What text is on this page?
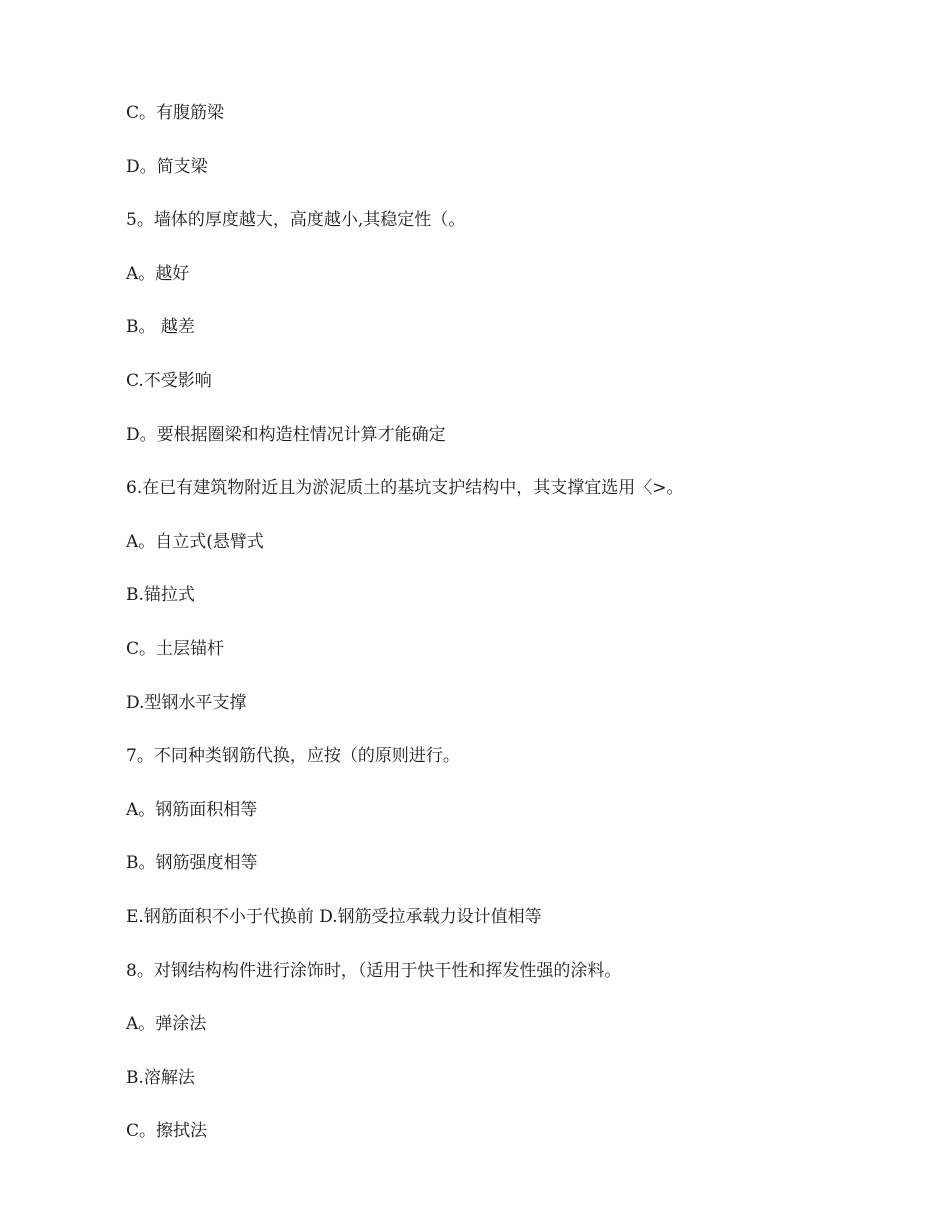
C。有腹筋梁
D。简支梁
5。墙体的厚度越大，高度越小,其稳定性（。
A。越好
B。 越差
C.不受影响
D。要根据圈梁和构造柱情况计算才能确定
6.在已有建筑物附近且为淤泥质土的基坑支护结构中，其支撑宜选用〈>。
A。自立式(悬臂式
B.锚拉式
C。土层锚杆
D.型钢水平支撑
7。不同种类钢筋代换，应按（的原则进行。
A。钢筋面积相等
B。钢筋强度相等
E.钢筋面积不小于代换前 D.钢筋受拉承载力设计值相等
8。对钢结构构件进行涂饰时，（适用于快干性和挥发性强的涂料。
A。弹涂法
B.溶解法
C。擦拭法
